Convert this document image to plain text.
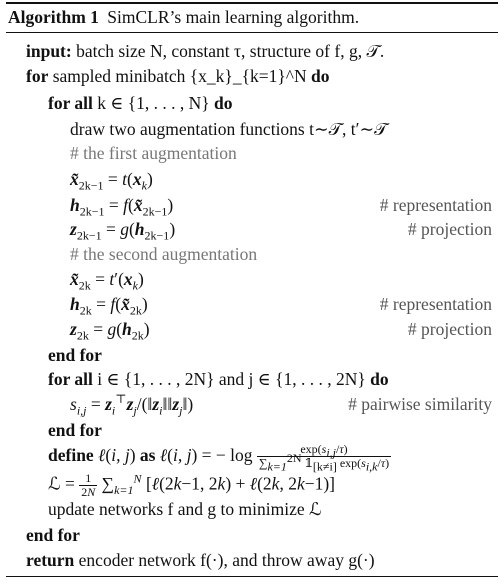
Algorithm 1 SimCLR’s main learning algorithm.
input: batch size N, constant τ, structure of f, g, 𝒯.
for sampled minibatch {x_k}_{k=1}^N do
for all k ∈ {1, . . . , N} do
draw two augmentation functions t∼𝒯, t′∼𝒯
# the first augmentation
$x̃_{2k-1} = t(x_k)$
$h_{2k-1}$ = $f(x̃_{2k-1})$	# representation
$z_{2k-1} = g(h_{2k-1})$	# projection
# the second augmentation
$x̃_{2k} = t'(x_k)$
$h_{2k}$ = $f(x̃_{2k})$	# representation
$z_{2k} = g(h_{2k})$	# projection
end for
for all i ∈ {1, . . . , 2N} and j ∈ {1, . . . , 2N} do
$s_{i,j}$ = $z_i^⊤z_j/(‖z_i‖‖z_j‖)$	# pairwise similarity
end for
define ℓ(i, j) as ℓ(i, j) = − $\log \frac{\exp(s_{i,j}/\tau)}{\sum_{k=1}^{2N} 𝟙_{[k\ne i]} \exp(s_{i,k}/\tau)}$
ℒ = $\frac{1}{2N} \sum_{k=1}^N$ [ℓ(2k−1, 2k) + ℓ(2k, 2k−1)]
update networks f and g to minimize ℒ
end for
return encoder network f(·), and throw away g(·)
